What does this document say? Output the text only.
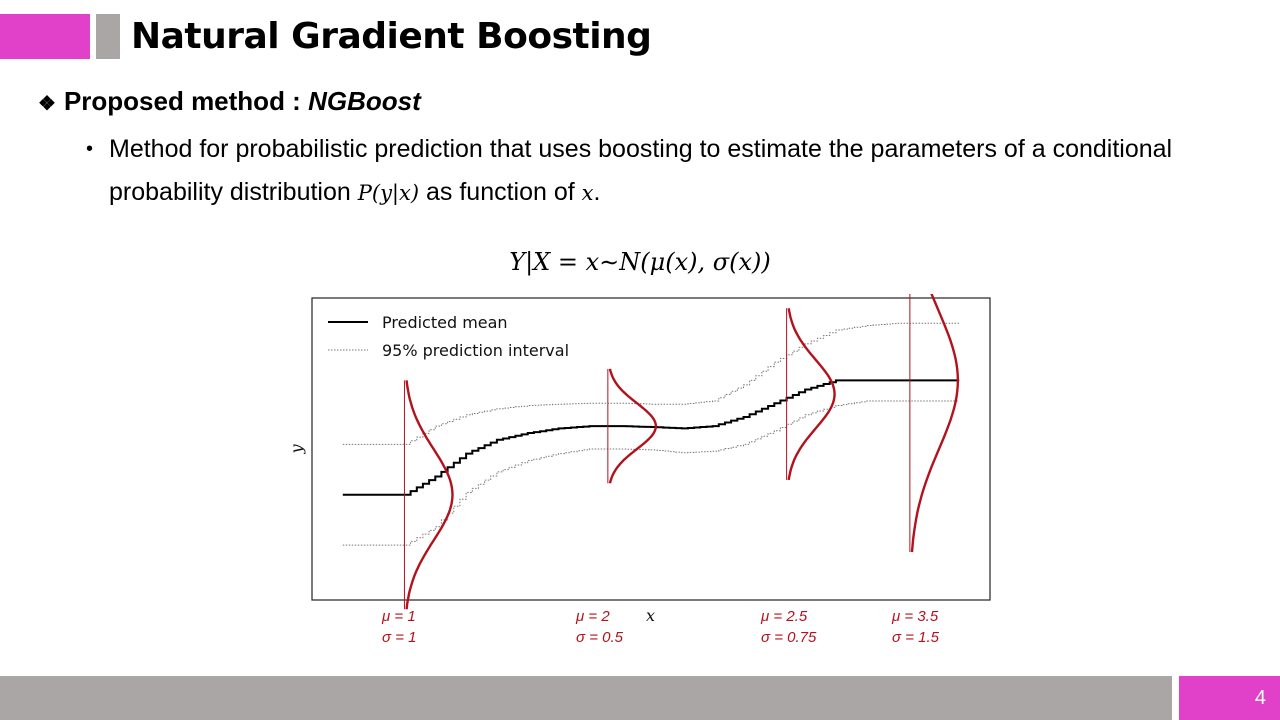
Natural Gradient Boosting
❖ Proposed method : NGBoost
• Method for probabilistic prediction that uses boosting to estimate the parameters of a conditional probability distribution P(y|x) as function of x.
Y|X = x∼N(μ(x), σ(x))
μ = 1
σ = 1
μ = 2
σ = 0.5
μ = 2.5
σ = 0.75
μ = 3.5
σ = 1.5
Predicted mean
95% prediction interval
x
y
4
